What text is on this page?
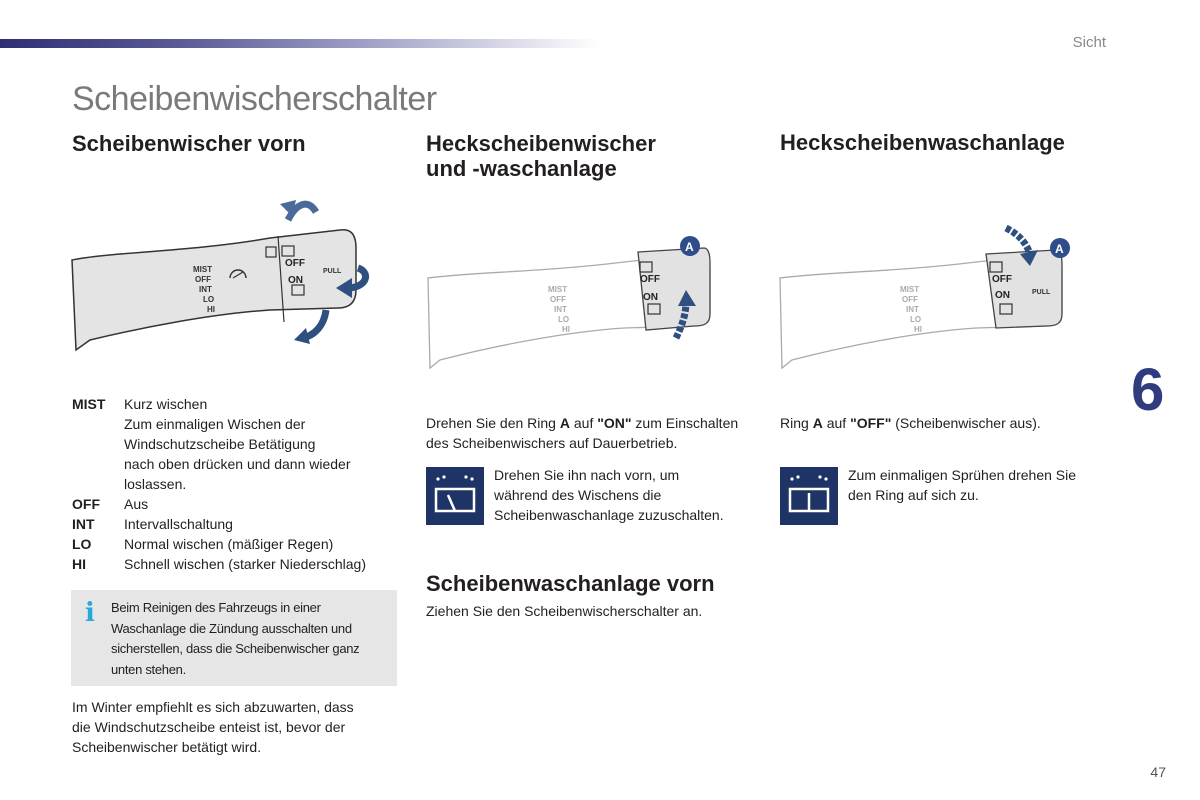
Sicht
Scheibenwischerschalter
Scheibenwischer vorn
MIST
OFF
INT
LO
HI
OFF
ON
PULL
MIST	Kurz wischen
Zum einmaligen Wischen der
Windschutzscheibe Betätigung
nach oben drücken und dann wieder
loslassen.
OFF	Aus
INT	Intervallschaltung
LO	Normal wischen (mäßiger Regen)
HI	Schnell wischen (starker Niederschlag)
i Beim Reinigen des Fahrzeugs in einer
Waschanlage die Zündung ausschalten und
sicherstellen, dass die Scheibenwischer ganz
unten stehen.
Im Winter empfiehlt es sich abzuwarten, dass
die Windschutzscheibe enteist ist, bevor der
Scheibenwischer betätigt wird.
Heckscheibenwischer
und -waschanlage
MIST
OFF
INT
LO
HI
OFF
ON
A
Drehen Sie den Ring A auf "ON" zum Einschalten
des Scheibenwischers auf Dauerbetrieb.
Drehen Sie ihn nach vorn, um
während des Wischens die
Scheibenwaschanlage zuzuschalten.
Scheibenwaschanlage vorn
Ziehen Sie den Scheibenwischerschalter an.
Heckscheibenwaschanlage
MIST
OFF
INT
LO
HI
OFF
ON	PULL
A
Ring A auf "OFF" (Scheibenwischer aus).
Zum einmaligen Sprühen drehen Sie
den Ring auf sich zu.
6
47
